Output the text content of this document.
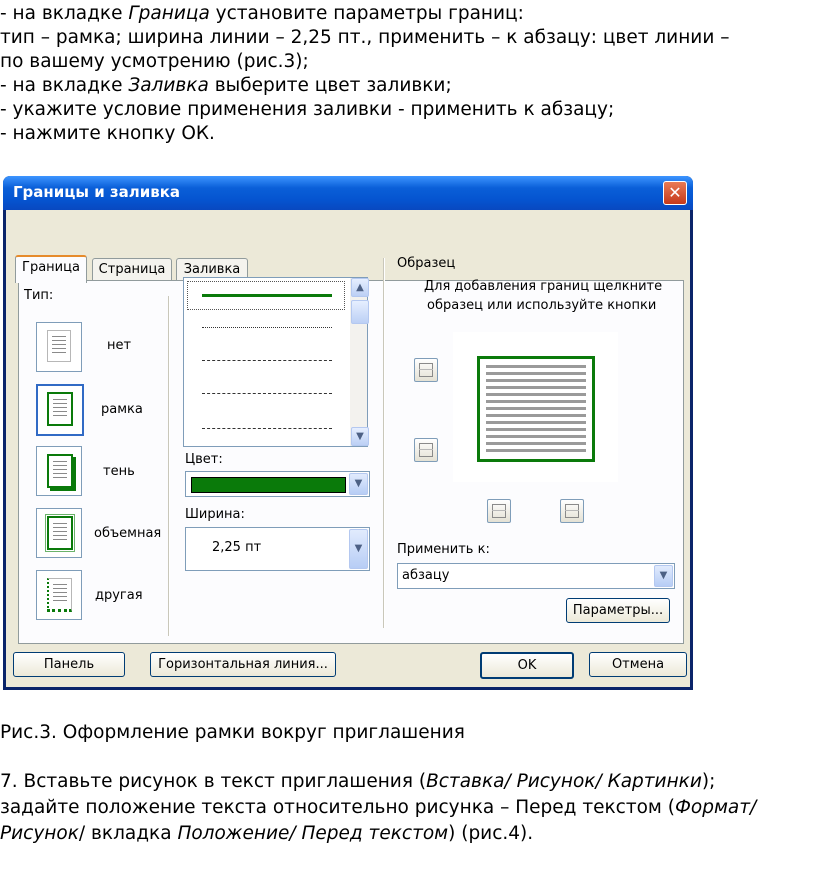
- на вкладке Граница установите параметры границ:
тип – рамка; ширина линии – 2,25 пт., применить – к абзацу: цвет линии –
по вашему усмотрению (рис.3);
- на вкладке Заливка выберите цвет заливки;
- укажите условие применения заливки - применить к абзацу;
- нажмите кнопку ОК.
Рис.3. Оформление рамки вокруг приглашения
7. Вставьте рисунок в текст приглашения (Вставка/ Рисунок/ Картинки);
задайте положение текста относительно рисунка – Перед текстом (Формат/
Рисунок/ вкладка Положение/ Перед текстом) (рис.4).
Границы и заливка	✕
Граница	Страница	Заливка
Тип:
нет
рамка
тень
объемная
другая
▲
▼
Цвет:
▼
Ширина:
2,25 пт	▼
Образец
Для добавления границ щелкните
образец или используйте кнопки
Применить к:
абзацу	▼
Параметры...
Панель	Горизонтальная линия...	OK	Отмена
